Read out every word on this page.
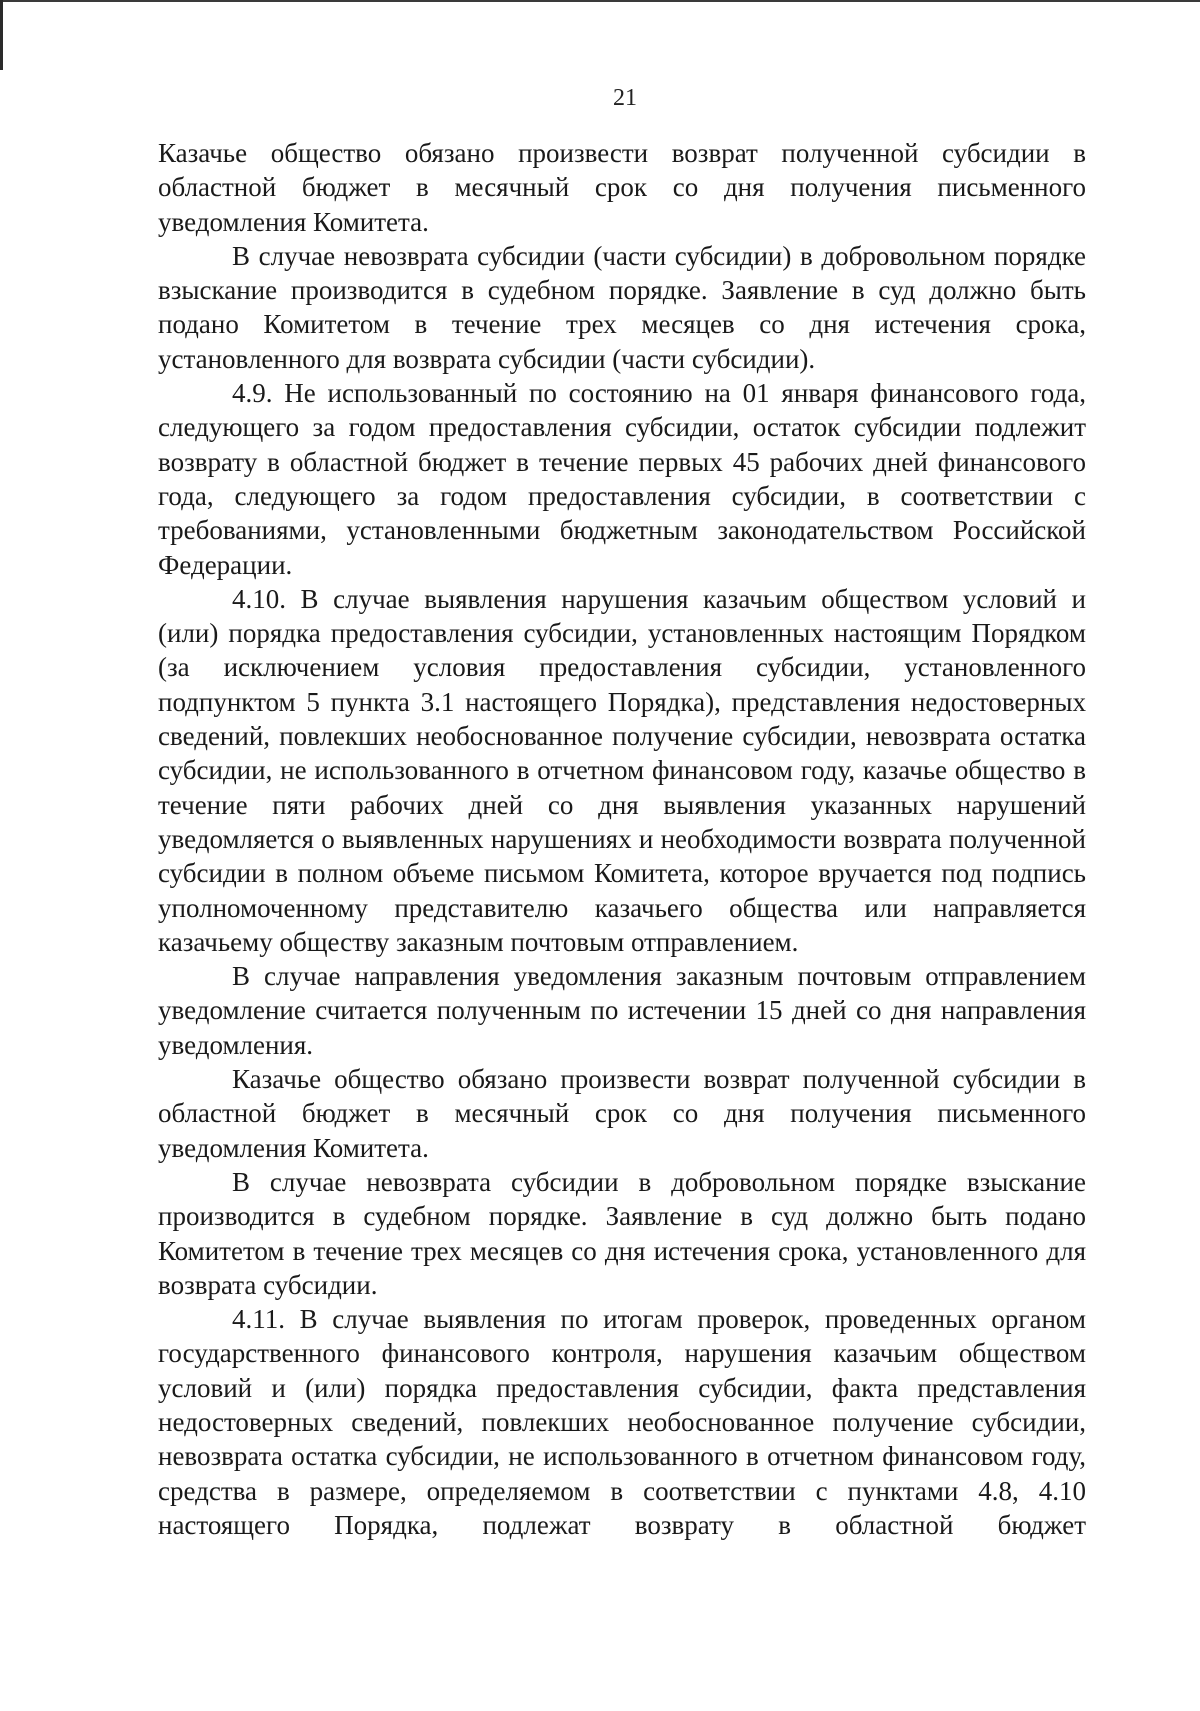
21

Казачье общество обязано произвести возврат полученной субсидии в областной бюджет в месячный срок со дня получения письменного уведомления Комитета.

В случае невозврата субсидии (части субсидии) в добровольном порядке взыскание производится в судебном порядке. Заявление в суд должно быть подано Комитетом в течение трех месяцев со дня истечения срока, установленного для возврата субсидии (части субсидии).

4.9. Не использованный по состоянию на 01 января финансового года, следующего за годом предоставления субсидии, остаток субсидии подлежит возврату в областной бюджет в течение первых 45 рабочих дней финансового года, следующего за годом предоставления субсидии, в соответствии с требованиями, установленными бюджетным законодательством Российской Федерации.

4.10. В случае выявления нарушения казачьим обществом условий и (или) порядка предоставления субсидии, установленных настоящим Порядком (за исключением условия предоставления субсидии, установленного подпунктом 5 пункта 3.1 настоящего Порядка), представления недостоверных сведений, повлекших необоснованное получение субсидии, невозврата остатка субсидии, не использованного в отчетном финансовом году, казачье общество в течение пяти рабочих дней со дня выявления указанных нарушений уведомляется о выявленных нарушениях и необходимости возврата полученной субсидии в полном объеме письмом Комитета, которое вручается под подпись уполномоченному представителю казачьего общества или направляется казачьему обществу заказным почтовым отправлением.

В случае направления уведомления заказным почтовым отправлением уведомление считается полученным по истечении 15 дней со дня направления уведомления.

Казачье общество обязано произвести возврат полученной субсидии в областной бюджет в месячный срок со дня получения письменного уведомления Комитета.

В случае невозврата субсидии в добровольном порядке взыскание производится в судебном порядке. Заявление в суд должно быть подано Комитетом в течение трех месяцев со дня истечения срока, установленного для возврата субсидии.

4.11. В случае выявления по итогам проверок, проведенных органом государственного финансового контроля, нарушения казачьим обществом условий и (или) порядка предоставления субсидии, факта представления недостоверных сведений, повлекших необоснованное получение субсидии, невозврата остатка субсидии, не использованного в отчетном финансовом году, средства в размере, определяемом в соответствии с пунктами 4.8, 4.10 настоящего Порядка, подлежат возврату в областной бюджет
